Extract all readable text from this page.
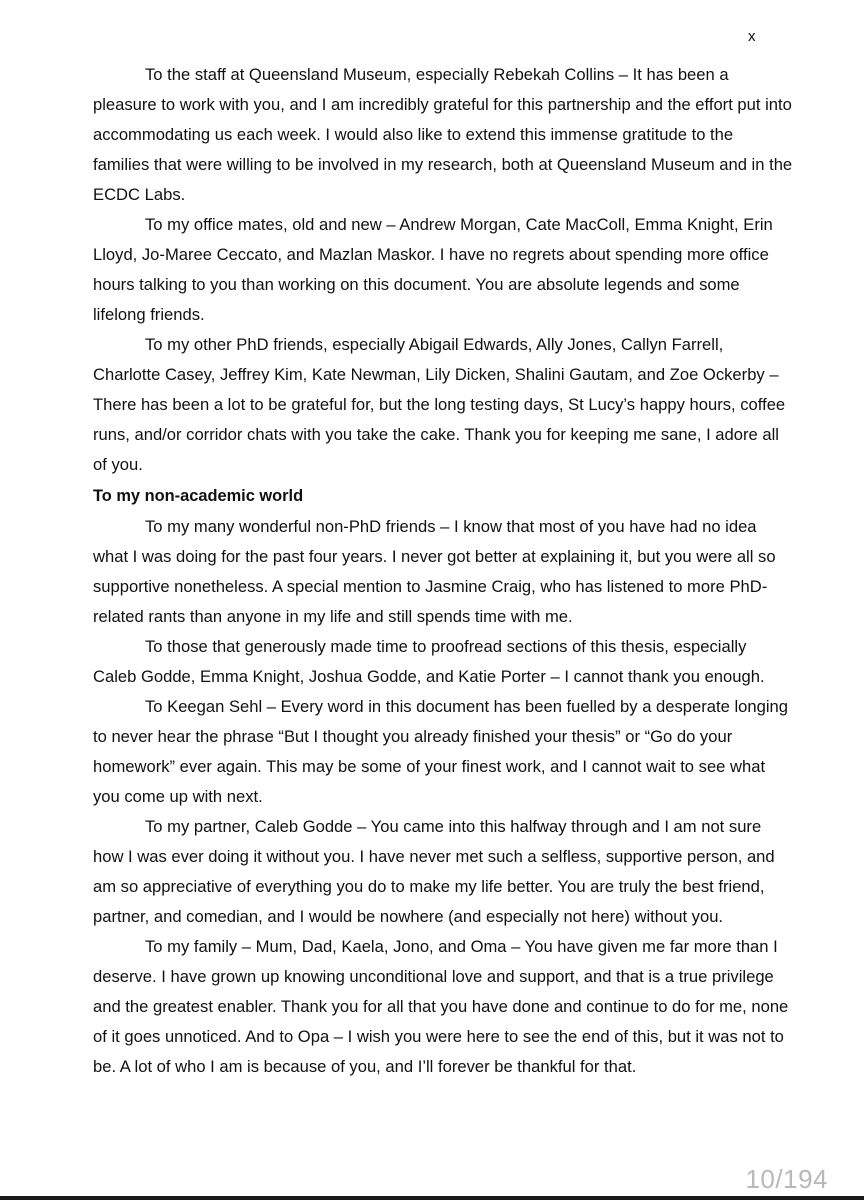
x

To the staff at Queensland Museum, especially Rebekah Collins – It has been a pleasure to work with you, and I am incredibly grateful for this partnership and the effort put into accommodating us each week. I would also like to extend this immense gratitude to the families that were willing to be involved in my research, both at Queensland Museum and in the ECDC Labs.

To my office mates, old and new – Andrew Morgan, Cate MacColl, Emma Knight, Erin Lloyd, Jo-Maree Ceccato, and Mazlan Maskor. I have no regrets about spending more office hours talking to you than working on this document. You are absolute legends and some lifelong friends.

To my other PhD friends, especially Abigail Edwards, Ally Jones, Callyn Farrell, Charlotte Casey, Jeffrey Kim, Kate Newman, Lily Dicken, Shalini Gautam, and Zoe Ockerby – There has been a lot to be grateful for, but the long testing days, St Lucy’s happy hours, coffee runs, and/or corridor chats with you take the cake. Thank you for keeping me sane, I adore all of you.

To my non-academic world

To my many wonderful non-PhD friends – I know that most of you have had no idea what I was doing for the past four years. I never got better at explaining it, but you were all so supportive nonetheless. A special mention to Jasmine Craig, who has listened to more PhD-related rants than anyone in my life and still spends time with me.

To those that generously made time to proofread sections of this thesis, especially Caleb Godde, Emma Knight, Joshua Godde, and Katie Porter – I cannot thank you enough.

To Keegan Sehl – Every word in this document has been fuelled by a desperate longing to never hear the phrase “But I thought you already finished your thesis” or “Go do your homework” ever again. This may be some of your finest work, and I cannot wait to see what you come up with next.

To my partner, Caleb Godde – You came into this halfway through and I am not sure how I was ever doing it without you. I have never met such a selfless, supportive person, and am so appreciative of everything you do to make my life better. You are truly the best friend, partner, and comedian, and I would be nowhere (and especially not here) without you.

To my family – Mum, Dad, Kaela, Jono, and Oma – You have given me far more than I deserve. I have grown up knowing unconditional love and support, and that is a true privilege and the greatest enabler. Thank you for all that you have done and continue to do for me, none of it goes unnoticed. And to Opa – I wish you were here to see the end of this, but it was not to be. A lot of who I am is because of you, and I’ll forever be thankful for that.

10/194
